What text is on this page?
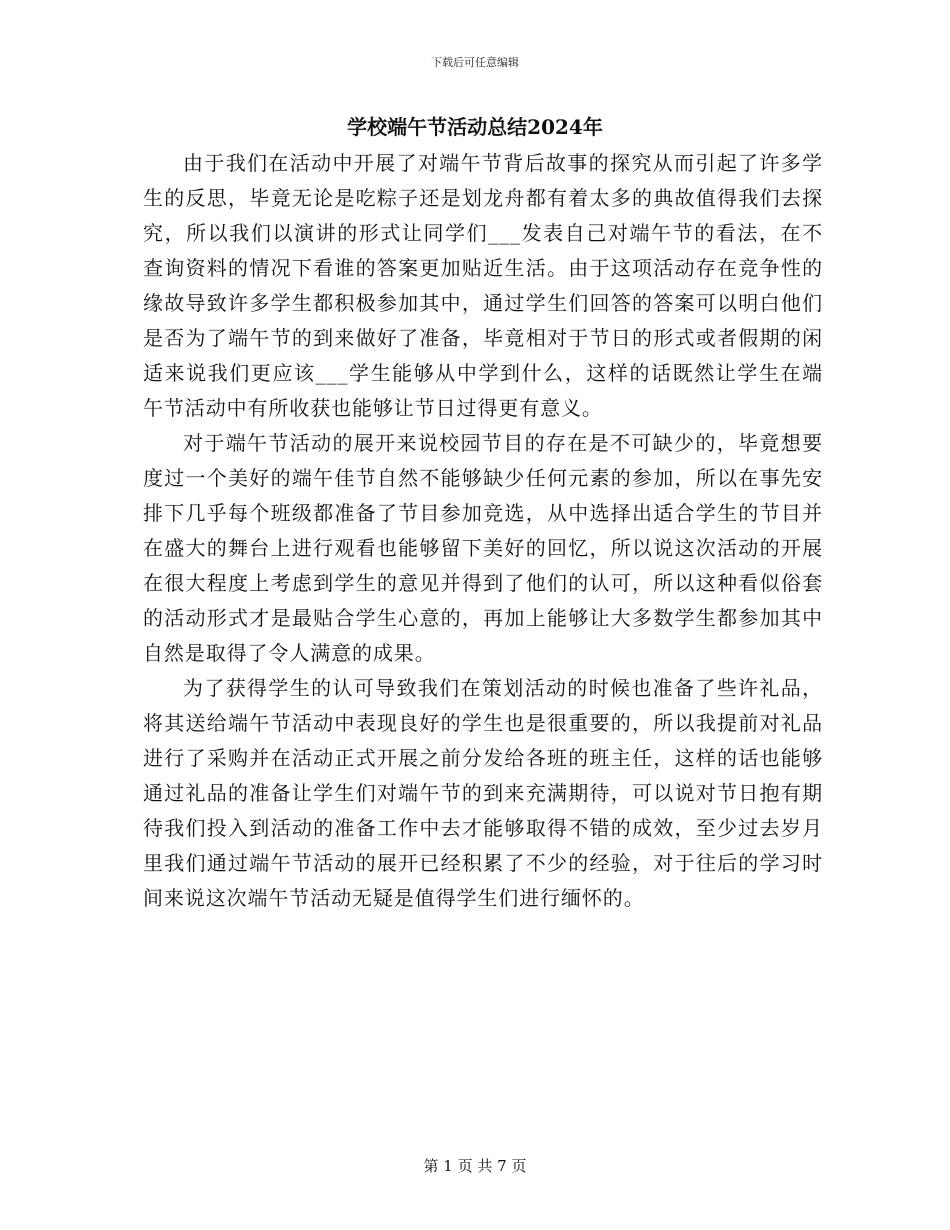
下载后可任意编辑
学校端午节活动总结2024年

由于我们在活动中开展了对端午节背后故事的探究从而引起了许多学生的反思，毕竟无论是吃粽子还是划龙舟都有着太多的典故值得我们去探究，所以我们以演讲的形式让同学们___发表自己对端午节的看法，在不查询资料的情况下看谁的答案更加贴近生活。由于这项活动存在竞争性的缘故导致许多学生都积极参加其中，通过学生们回答的答案可以明白他们是否为了端午节的到来做好了准备，毕竟相对于节日的形式或者假期的闲适来说我们更应该___学生能够从中学到什么，这样的话既然让学生在端午节活动中有所收获也能够让节日过得更有意义。

对于端午节活动的展开来说校园节目的存在是不可缺少的，毕竟想要度过一个美好的端午佳节自然不能够缺少任何元素的参加，所以在事先安排下几乎每个班级都准备了节目参加竞选，从中选择出适合学生的节目并在盛大的舞台上进行观看也能够留下美好的回忆，所以说这次活动的开展在很大程度上考虑到学生的意见并得到了他们的认可，所以这种看似俗套的活动形式才是最贴合学生心意的，再加上能够让大多数学生都参加其中自然是取得了令人满意的成果。

为了获得学生的认可导致我们在策划活动的时候也准备了些许礼品，将其送给端午节活动中表现良好的学生也是很重要的，所以我提前对礼品进行了采购并在活动正式开展之前分发给各班的班主任，这样的话也能够通过礼品的准备让学生们对端午节的到来充满期待，可以说对节日抱有期待我们投入到活动的准备工作中去才能够取得不错的成效，至少过去岁月里我们通过端午节活动的展开已经积累了不少的经验，对于往后的学习时间来说这次端午节活动无疑是值得学生们进行缅怀的。

第 1 页 共 7 页
